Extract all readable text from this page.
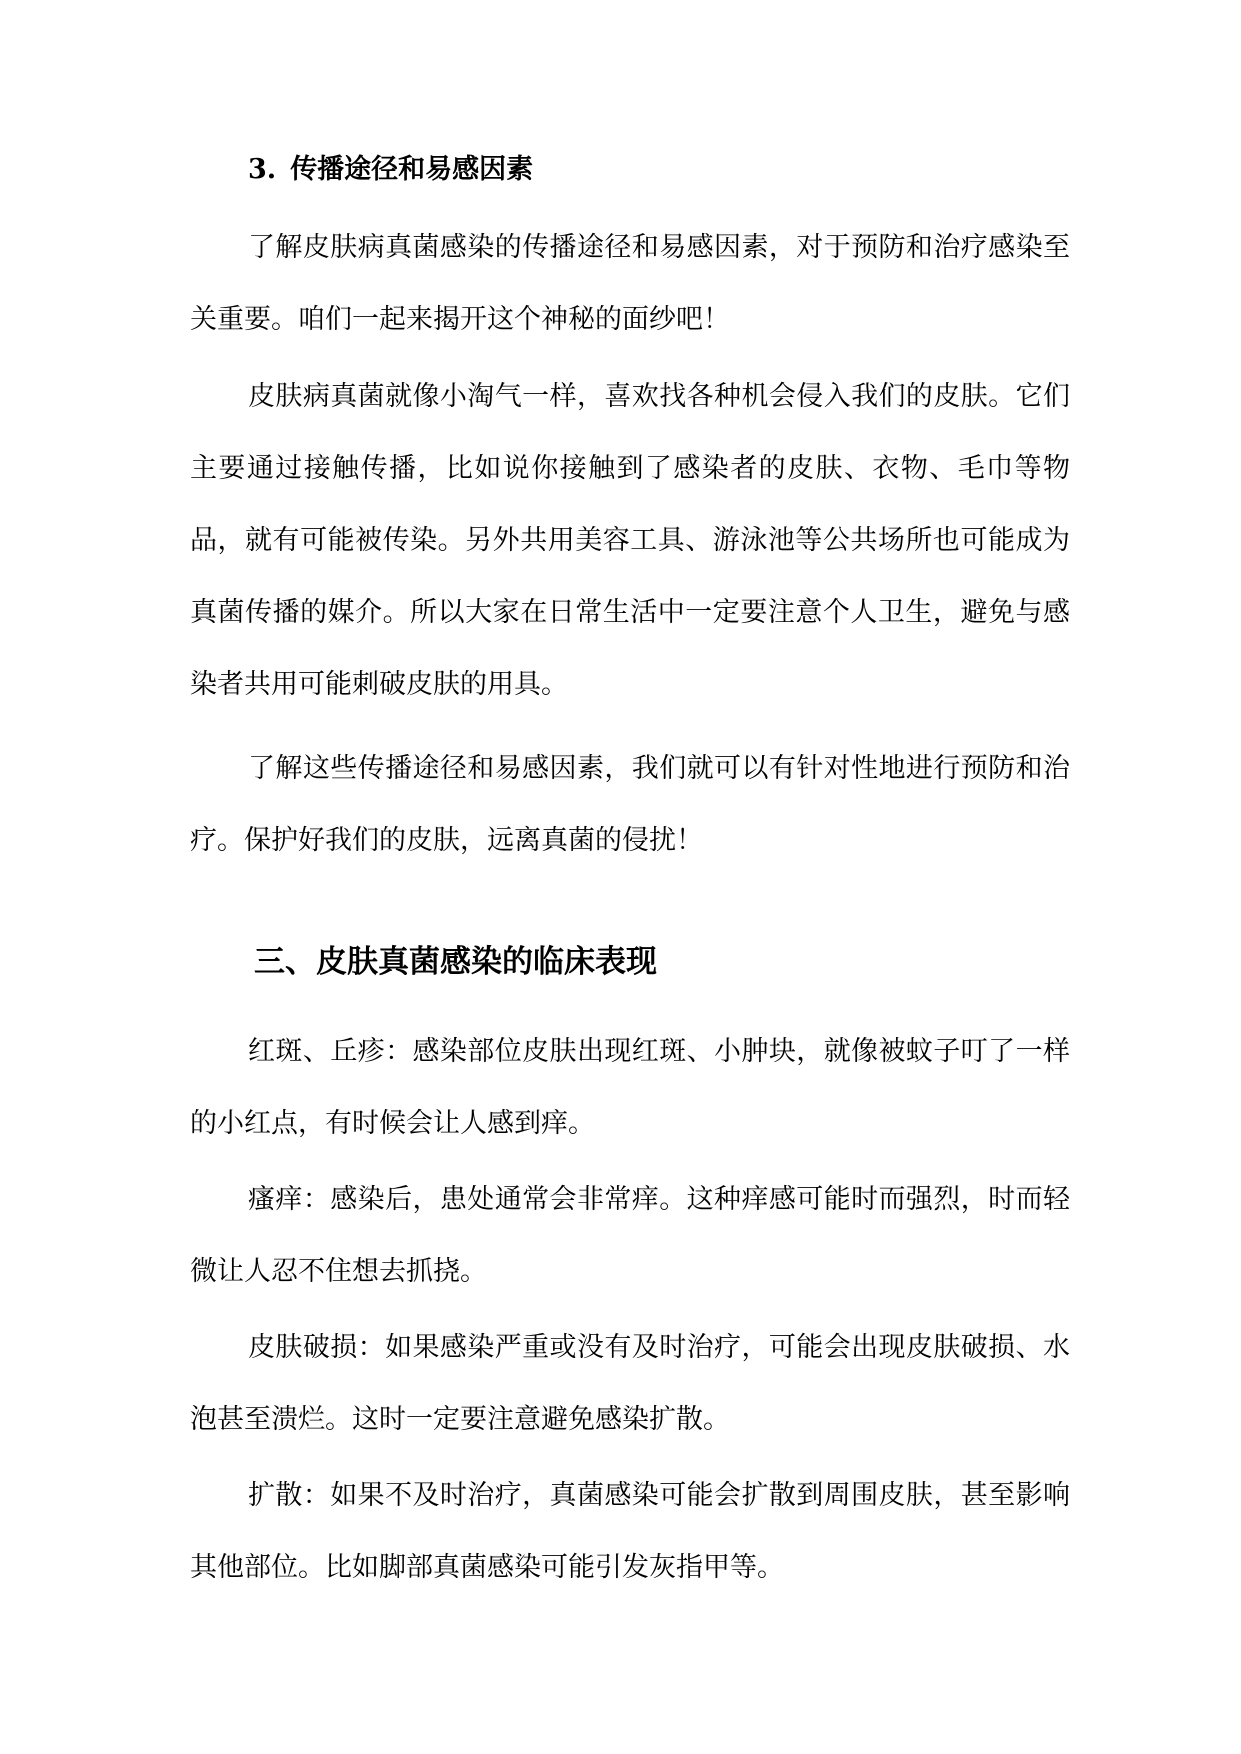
3. 传播途径和易感因素

了解皮肤病真菌感染的传播途径和易感因素，对于预防和治疗感染至关重要。咱们一起来揭开这个神秘的面纱吧！

皮肤病真菌就像小淘气一样，喜欢找各种机会侵入我们的皮肤。它们主要通过接触传播，比如说你接触到了感染者的皮肤、衣物、毛巾等物品，就有可能被传染。另外共用美容工具、游泳池等公共场所也可能成为真菌传播的媒介。所以大家在日常生活中一定要注意个人卫生，避免与感染者共用可能刺破皮肤的用具。

了解这些传播途径和易感因素，我们就可以有针对性地进行预防和治疗。保护好我们的皮肤，远离真菌的侵扰！

三、皮肤真菌感染的临床表现

红斑、丘疹：感染部位皮肤出现红斑、小肿块，就像被蚊子叮了一样的小红点，有时候会让人感到痒。

瘙痒：感染后，患处通常会非常痒。这种痒感可能时而强烈，时而轻微让人忍不住想去抓挠。

皮肤破损：如果感染严重或没有及时治疗，可能会出现皮肤破损、水泡甚至溃烂。这时一定要注意避免感染扩散。

扩散：如果不及时治疗，真菌感染可能会扩散到周围皮肤，甚至影响其他部位。比如脚部真菌感染可能引发灰指甲等。
